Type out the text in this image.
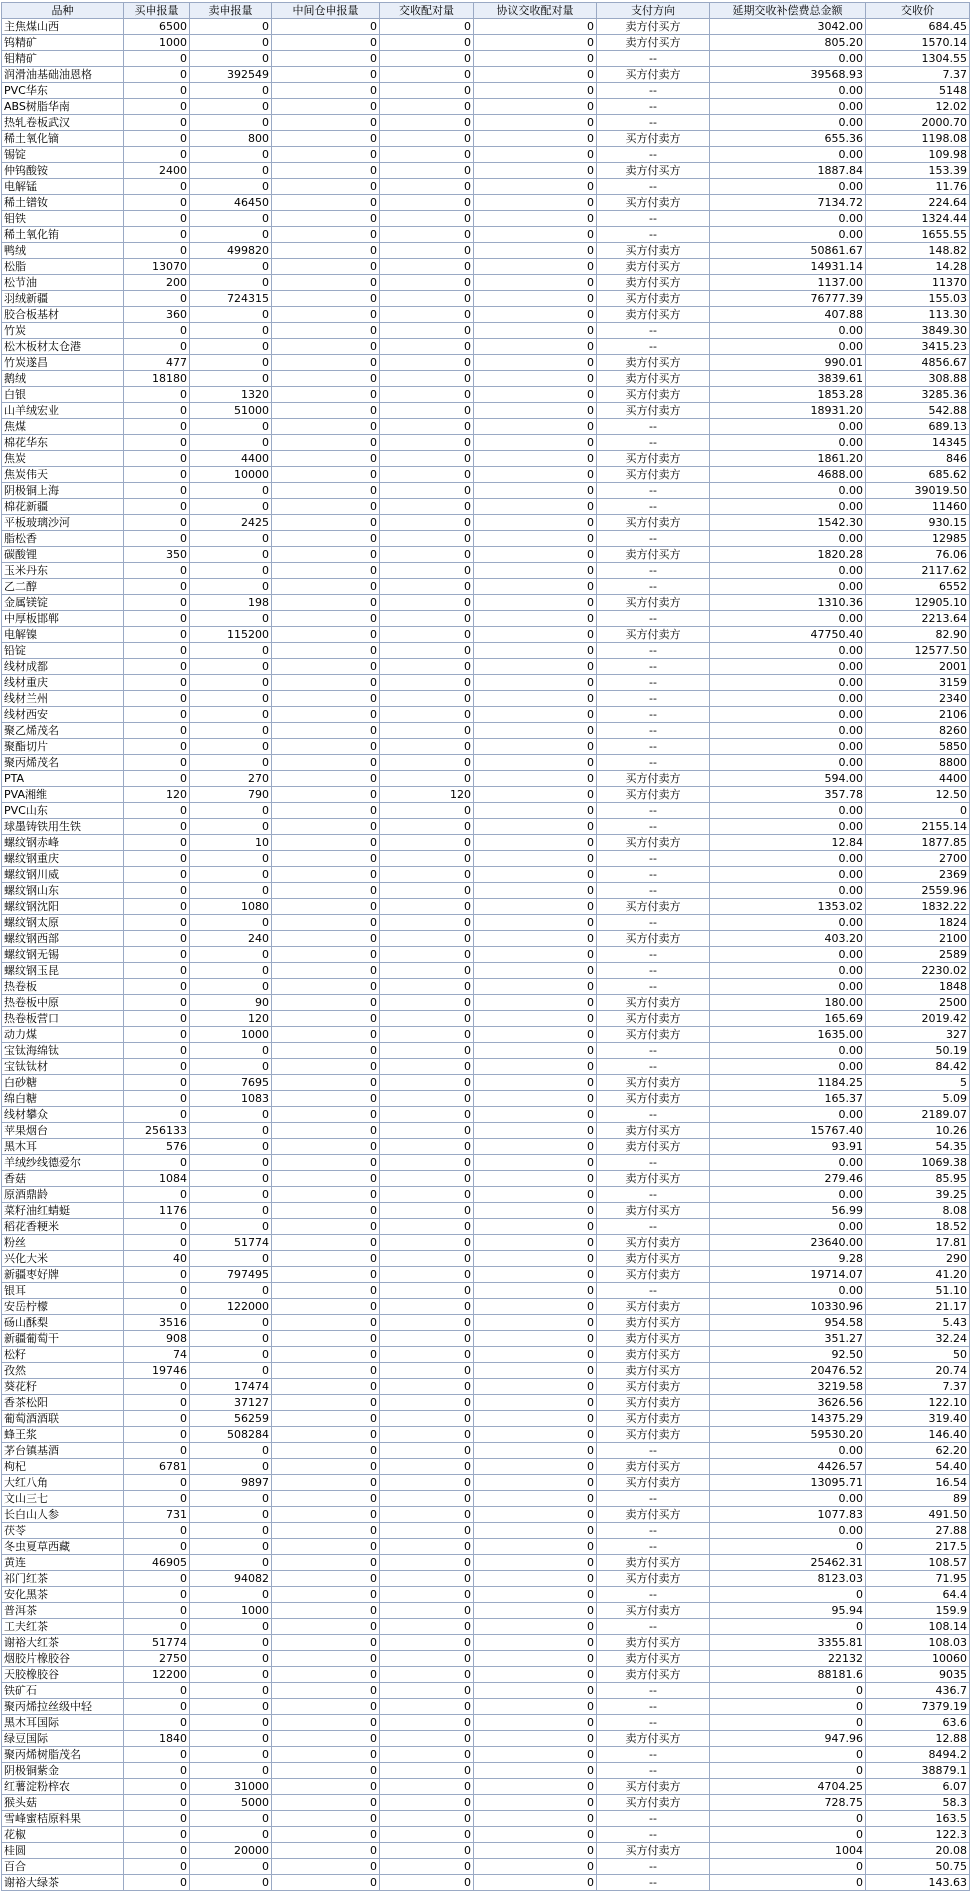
品种	买申报量	卖申报量	中间仓申报量	交收配对量	协议交收配对量	支付方向	延期交收补偿费总金额	交收价
主焦煤山西	6500	0	0	0	0	卖方付买方	3042.00	684.45
钨精矿	1000	0	0	0	0	卖方付买方	805.20	1570.14
钼精矿	0	0	0	0	0	--	0.00	1304.55
润滑油基础油恩格	0	392549	0	0	0	买方付卖方	39568.93	7.37
PVC华东	0	0	0	0	0	--	0.00	5148
ABS树脂华南	0	0	0	0	0	--	0.00	12.02
热轧卷板武汉	0	0	0	0	0	--	0.00	2000.70
稀土氧化镝	0	800	0	0	0	买方付卖方	655.36	1198.08
锡锭	0	0	0	0	0	--	0.00	109.98
仲钨酸铵	2400	0	0	0	0	卖方付买方	1887.84	153.39
电解锰	0	0	0	0	0	--	0.00	11.76
稀土镨钕	0	46450	0	0	0	买方付卖方	7134.72	224.64
钼铁	0	0	0	0	0	--	0.00	1324.44
稀土氧化铕	0	0	0	0	0	--	0.00	1655.55
鸭绒	0	499820	0	0	0	买方付卖方	50861.67	148.82
松脂	13070	0	0	0	0	卖方付买方	14931.14	14.28
松节油	200	0	0	0	0	卖方付买方	1137.00	11370
羽绒新疆	0	724315	0	0	0	买方付卖方	76777.39	155.03
胶合板基材	360	0	0	0	0	卖方付买方	407.88	113.30
竹炭	0	0	0	0	0	--	0.00	3849.30
松木板材太仓港	0	0	0	0	0	--	0.00	3415.23
竹炭遂昌	477	0	0	0	0	卖方付买方	990.01	4856.67
鹅绒	18180	0	0	0	0	卖方付买方	3839.61	308.88
白银	0	1320	0	0	0	买方付卖方	1853.28	3285.36
山羊绒宏业	0	51000	0	0	0	买方付卖方	18931.20	542.88
焦煤	0	0	0	0	0	--	0.00	689.13
棉花华东	0	0	0	0	0	--	0.00	14345
焦炭	0	4400	0	0	0	买方付卖方	1861.20	846
焦炭伟天	0	10000	0	0	0	买方付卖方	4688.00	685.62
阴极铜上海	0	0	0	0	0	--	0.00	39019.50
棉花新疆	0	0	0	0	0	--	0.00	11460
平板玻璃沙河	0	2425	0	0	0	买方付卖方	1542.30	930.15
脂松香	0	0	0	0	0	--	0.00	12985
碳酸锂	350	0	0	0	0	卖方付买方	1820.28	76.06
玉米丹东	0	0	0	0	0	--	0.00	2117.62
乙二醇	0	0	0	0	0	--	0.00	6552
金属镁锭	0	198	0	0	0	买方付卖方	1310.36	12905.10
中厚板邯郸	0	0	0	0	0	--	0.00	2213.64
电解镍	0	115200	0	0	0	买方付卖方	47750.40	82.90
铅锭	0	0	0	0	0	--	0.00	12577.50
线材成都	0	0	0	0	0	--	0.00	2001
线材重庆	0	0	0	0	0	--	0.00	3159
线材兰州	0	0	0	0	0	--	0.00	2340
线材西安	0	0	0	0	0	--	0.00	2106
聚乙烯茂名	0	0	0	0	0	--	0.00	8260
聚酯切片	0	0	0	0	0	--	0.00	5850
聚丙烯茂名	0	0	0	0	0	--	0.00	8800
PTA	0	270	0	0	0	买方付卖方	594.00	4400
PVA湘维	120	790	0	120	0	买方付卖方	357.78	12.50
PVC山东	0	0	0	0	0	--	0.00	0
球墨铸铁用生铁	0	0	0	0	0	--	0.00	2155.14
螺纹钢赤峰	0	10	0	0	0	买方付卖方	12.84	1877.85
螺纹钢重庆	0	0	0	0	0	--	0.00	2700
螺纹钢川威	0	0	0	0	0	--	0.00	2369
螺纹钢山东	0	0	0	0	0	--	0.00	2559.96
螺纹钢沈阳	0	1080	0	0	0	买方付卖方	1353.02	1832.22
螺纹钢太原	0	0	0	0	0	--	0.00	1824
螺纹钢西部	0	240	0	0	0	买方付卖方	403.20	2100
螺纹钢无锡	0	0	0	0	0	--	0.00	2589
螺纹钢玉昆	0	0	0	0	0	--	0.00	2230.02
热卷板	0	0	0	0	0	--	0.00	1848
热卷板中原	0	90	0	0	0	买方付卖方	180.00	2500
热卷板营口	0	120	0	0	0	买方付卖方	165.69	2019.42
动力煤	0	1000	0	0	0	买方付卖方	1635.00	327
宝钛海绵钛	0	0	0	0	0	--	0.00	50.19
宝钛钛材	0	0	0	0	0	--	0.00	84.42
白砂糖	0	7695	0	0	0	买方付卖方	1184.25	5
绵白糖	0	1083	0	0	0	买方付卖方	165.37	5.09
线材攀众	0	0	0	0	0	--	0.00	2189.07
苹果烟台	256133	0	0	0	0	卖方付买方	15767.40	10.26
黑木耳	576	0	0	0	0	卖方付买方	93.91	54.35
羊绒纱线德爱尔	0	0	0	0	0	--	0.00	1069.38
香菇	1084	0	0	0	0	卖方付买方	279.46	85.95
原酒鼎龄	0	0	0	0	0	--	0.00	39.25
菜籽油红蜻蜓	1176	0	0	0	0	卖方付买方	56.99	8.08
稻花香粳米	0	0	0	0	0	--	0.00	18.52
粉丝	0	51774	0	0	0	买方付卖方	23640.00	17.81
兴化大米	40	0	0	0	0	卖方付买方	9.28	290
新疆枣好牌	0	797495	0	0	0	买方付卖方	19714.07	41.20
银耳	0	0	0	0	0	--	0.00	51.10
安岳柠檬	0	122000	0	0	0	买方付卖方	10330.96	21.17
砀山酥梨	3516	0	0	0	0	卖方付买方	954.58	5.43
新疆葡萄干	908	0	0	0	0	卖方付买方	351.27	32.24
松籽	74	0	0	0	0	卖方付买方	92.50	50
孜然	19746	0	0	0	0	卖方付买方	20476.52	20.74
葵花籽	0	17474	0	0	0	买方付卖方	3219.58	7.37
香茶松阳	0	37127	0	0	0	买方付卖方	3626.56	122.10
葡萄酒酒联	0	56259	0	0	0	买方付卖方	14375.29	319.40
蜂王浆	0	508284	0	0	0	买方付卖方	59530.20	146.40
茅台镇基酒	0	0	0	0	0	--	0.00	62.20
枸杞	6781	0	0	0	0	卖方付买方	4426.57	54.40
大红八角	0	9897	0	0	0	买方付卖方	13095.71	16.54
文山三七	0	0	0	0	0	--	0.00	89
长白山人参	731	0	0	0	0	卖方付买方	1077.83	491.50
茯苓	0	0	0	0	0	--	0.00	27.88
冬虫夏草西藏	0	0	0	0	0	--	0	217.5
黄连	46905	0	0	0	0	卖方付买方	25462.31	108.57
祁门红茶	0	94082	0	0	0	买方付卖方	8123.03	71.95
安化黑茶	0	0	0	0	0	--	0	64.4
普洱茶	0	1000	0	0	0	买方付卖方	95.94	159.9
工夫红茶	0	0	0	0	0	--	0	108.14
谢裕大红茶	51774	0	0	0	0	卖方付买方	3355.81	108.03
烟胶片橡胶谷	2750	0	0	0	0	卖方付买方	22132	10060
天胶橡胶谷	12200	0	0	0	0	卖方付买方	88181.6	9035
铁矿石	0	0	0	0	0	--	0	436.7
聚丙烯拉丝级中轻	0	0	0	0	0	--	0	7379.19
黑木耳国际	0	0	0	0	0	--	0	63.6
绿豆国际	1840	0	0	0	0	卖方付买方	947.96	12.88
聚丙烯树脂茂名	0	0	0	0	0	--	0	8494.2
阴极铜紫金	0	0	0	0	0	--	0	38879.1
红薯淀粉梓农	0	31000	0	0	0	买方付卖方	4704.25	6.07
猴头菇	0	5000	0	0	0	买方付卖方	728.75	58.3
雪峰蜜桔原料果	0	0	0	0	0	--	0	163.5
花椒	0	0	0	0	0	--	0	122.3
桂圆	0	20000	0	0	0	买方付卖方	1004	20.08
百合	0	0	0	0	0	--	0	50.75
谢裕大绿茶	0	0	0	0	0	--	0	143.63
